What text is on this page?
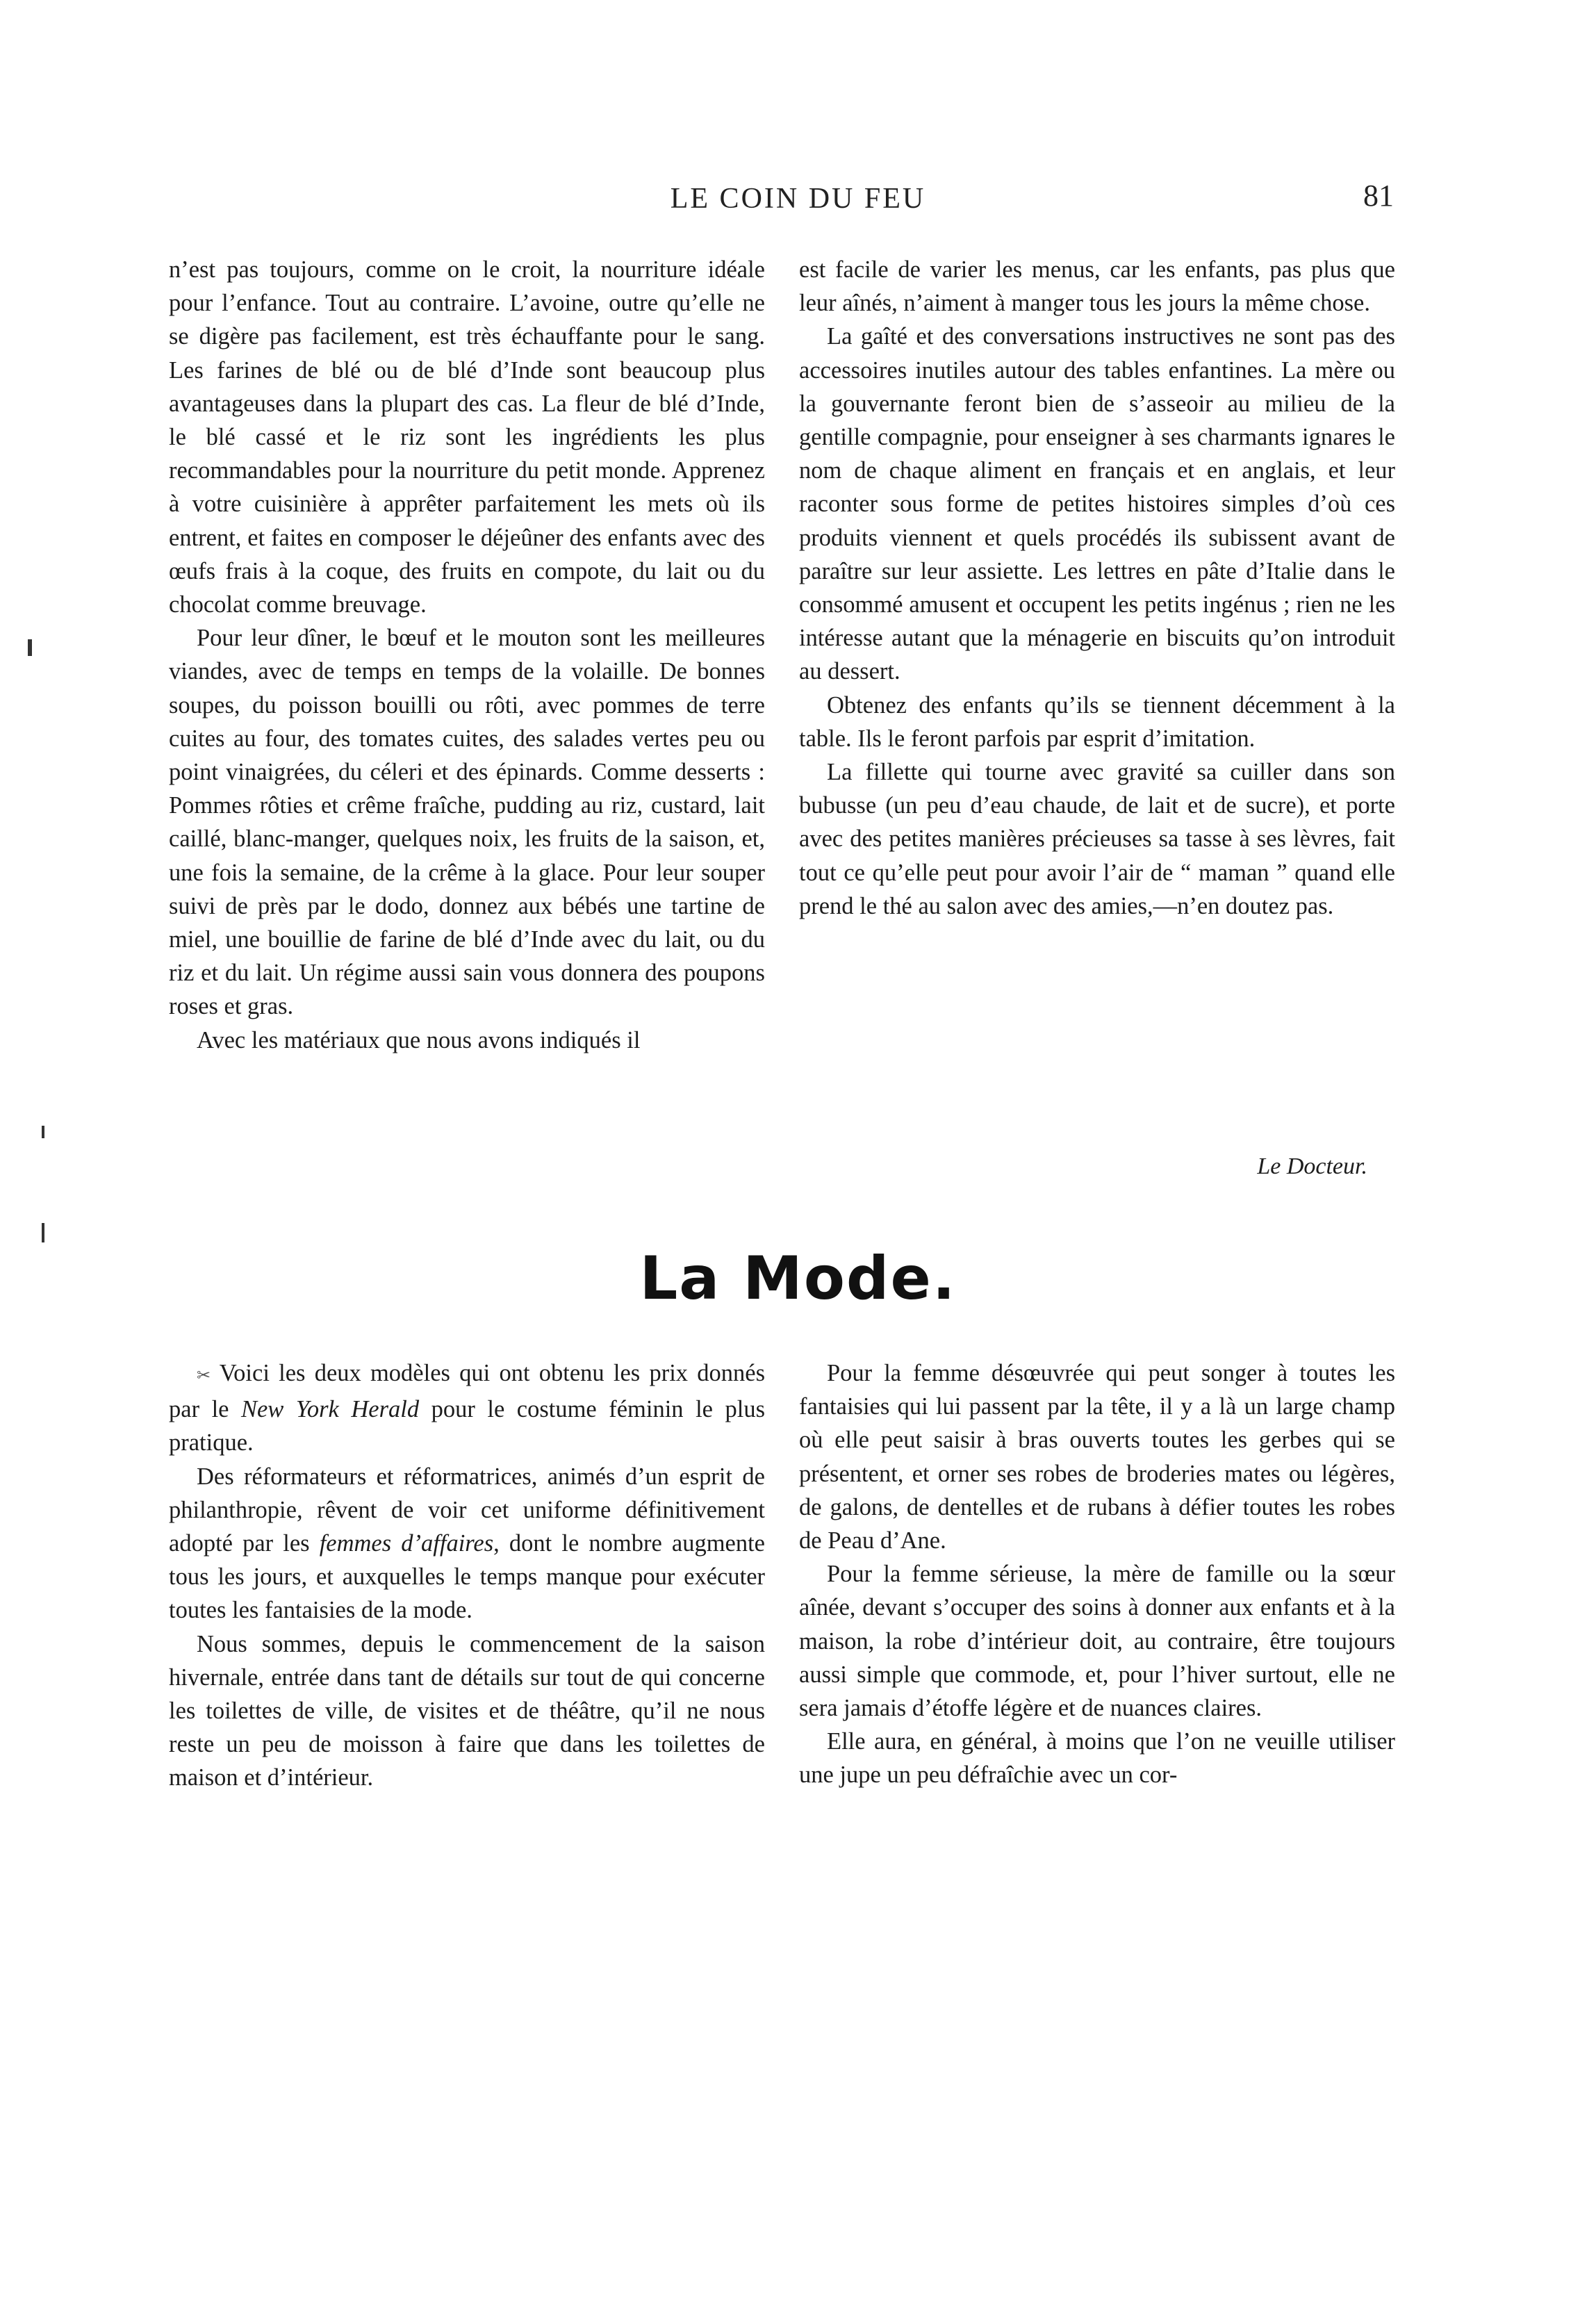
LE COIN DU FEU	81

n’est pas toujours, comme on le croit, la nourriture idéale pour l’enfance. Tout au contraire. L’avoine, outre qu’elle ne se digère pas facilement, est très échauffante pour le sang. Les farines de blé ou de blé d’Inde sont beaucoup plus avantageuses dans la plupart des cas. La fleur de blé d’Inde, le blé cassé et le riz sont les ingrédients les plus recommandables pour la nourriture du petit monde. Apprenez à votre cuisinière à apprêter parfaitement les mets où ils entrent, et faites en composer le déjeûner des enfants avec des œufs frais à la coque, des fruits en compote, du lait ou du chocolat comme breuvage.

Pour leur dîner, le bœuf et le mouton sont les meilleures viandes, avec de temps en temps de la volaille. De bonnes soupes, du poisson bouilli ou rôti, avec pommes de terre cuites au four, des tomates cuites, des salades vertes peu ou point vinaigrées, du céleri et des épinards. Comme desserts : Pommes rôties et crême fraîche, pudding au riz, custard, lait caillé, blanc-manger, quelques noix, les fruits de la saison, et, une fois la semaine, de la crême à la glace. Pour leur souper suivi de près par le dodo, donnez aux bébés une tartine de miel, une bouillie de farine de blé d’Inde avec du lait, ou du riz et du lait. Un régime aussi sain vous donnera des poupons roses et gras.

Avec les matériaux que nous avons indiqués il

est facile de varier les menus, car les enfants, pas plus que leur aînés, n’aiment à manger tous les jours la même chose.

La gaîté et des conversations instructives ne sont pas des accessoires inutiles autour des tables enfantines. La mère ou la gouvernante feront bien de s’asseoir au milieu de la gentille compagnie, pour enseigner à ses charmants ignares le nom de chaque aliment en français et en anglais, et leur raconter sous forme de petites histoires simples d’où ces produits viennent et quels procédés ils subissent avant de paraître sur leur assiette. Les lettres en pâte d’Italie dans le consommé amusent et occupent les petits ingénus ; rien ne les intéresse autant que la ménagerie en biscuits qu’on introduit au dessert.

Obtenez des enfants qu’ils se tiennent décemment à la table. Ils le feront parfois par esprit d’imitation.

La fillette qui tourne avec gravité sa cuiller dans son bubusse (un peu d’eau chaude, de lait et de sucre), et porte avec des petites manières précieuses sa tasse à ses lèvres, fait tout ce qu’elle peut pour avoir l’air de “ maman ” quand elle prend le thé au salon avec des amies,—n’en doutez pas.

Le Docteur.
La Mode.

✂ Voici les deux modèles qui ont obtenu les prix donnés par le New York Herald pour le costume féminin le plus pratique.

Des réformateurs et réformatrices, animés d’un esprit de philanthropie, rêvent de voir cet uniforme définitivement adopté par les femmes d’affaires, dont le nombre augmente tous les jours, et auxquelles le temps manque pour exécuter toutes les fantaisies de la mode.

Nous sommes, depuis le commencement de la saison hivernale, entrée dans tant de détails sur tout de qui concerne les toilettes de ville, de visites et de théâtre, qu’il ne nous reste un peu de moisson à faire que dans les toilettes de maison et d’intérieur.

Pour la femme désœuvrée qui peut songer à toutes les fantaisies qui lui passent par la tête, il y a là un large champ où elle peut saisir à bras ouverts toutes les gerbes qui se présentent, et orner ses robes de broderies mates ou légères, de galons, de dentelles et de rubans à défier toutes les robes de Peau d’Ane.

Pour la femme sérieuse, la mère de famille ou la sœur aînée, devant s’occuper des soins à donner aux enfants et à la maison, la robe d’intérieur doit, au contraire, être toujours aussi simple que commode, et, pour l’hiver surtout, elle ne sera jamais d’étoffe légère et de nuances claires.

Elle aura, en général, à moins que l’on ne veuille utiliser une jupe un peu défraîchie avec un cor-
